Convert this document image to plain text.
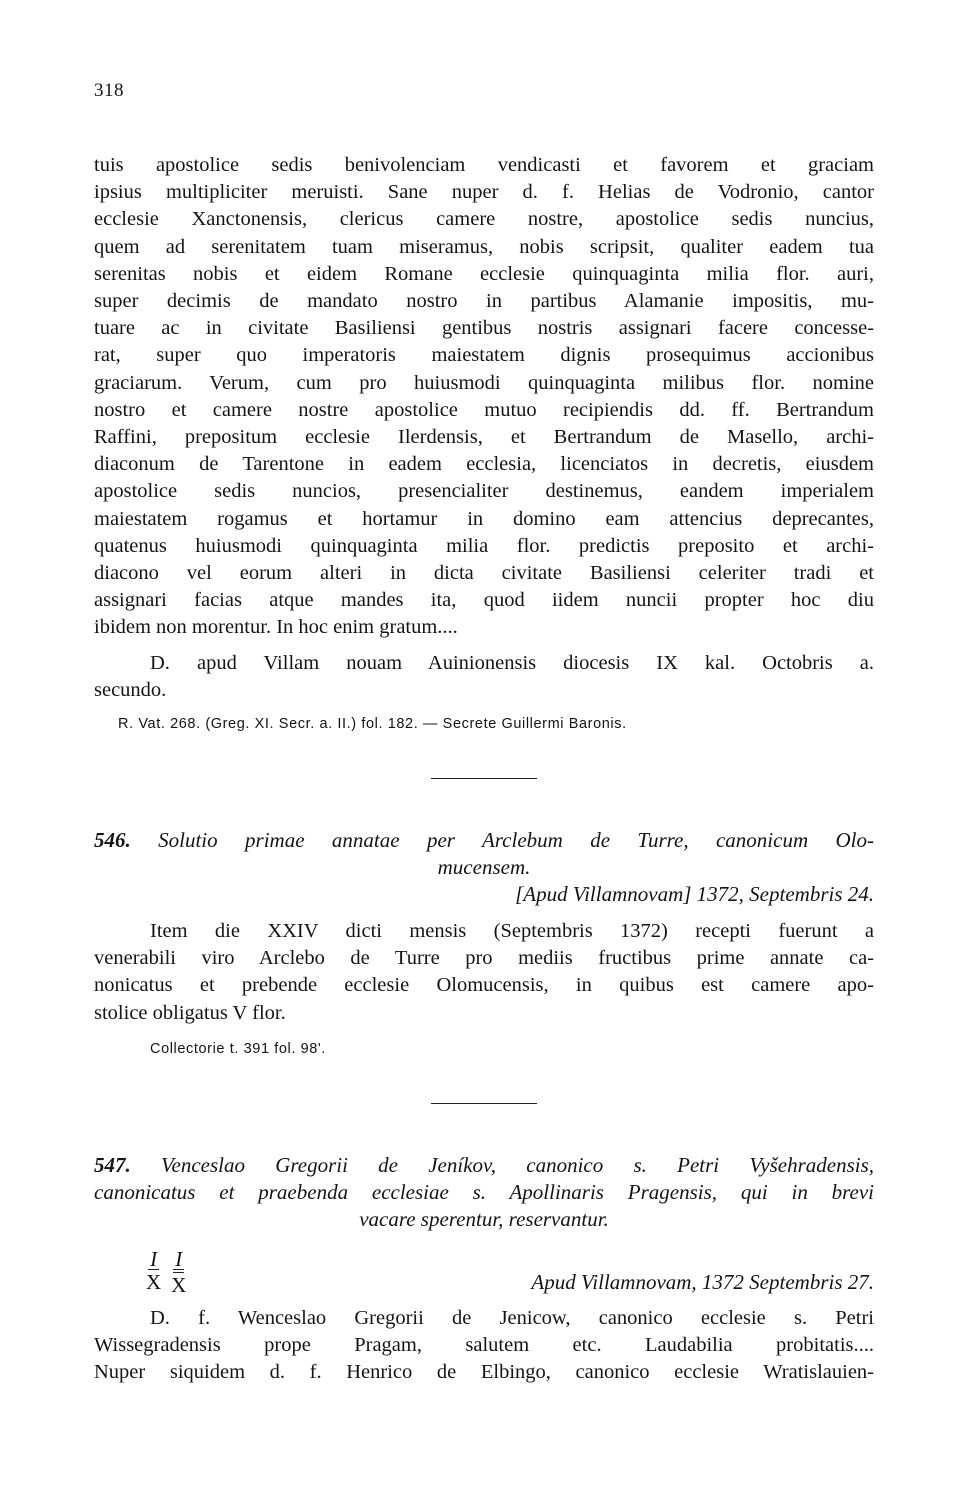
318
tuis apostolice sedis benivolenciam vendicasti et favorem et graciam
ipsius multipliciter meruisti. Sane nuper d. f. Helias de Vodronio, cantor
ecclesie Xanctonensis, clericus camere nostre, apostolice sedis nuncius,
quem ad serenitatem tuam miseramus, nobis scripsit, qualiter eadem tua
serenitas nobis et eidem Romane ecclesie quinquaginta milia flor. auri,
super decimis de mandato nostro in partibus Alamanie impositis, mu-
tuare ac in civitate Basiliensi gentibus nostris assignari facere concesse-
rat, super quo imperatoris maiestatem dignis prosequimus accionibus
graciarum. Verum, cum pro huiusmodi quinquaginta milibus flor. nomine
nostro et camere nostre apostolice mutuo recipiendis dd. ff. Bertrandum
Raffini, prepositum ecclesie Ilerdensis, et Bertrandum de Masello, archi-
diaconum de Tarentone in eadem ecclesia, licenciatos in decretis, eiusdem
apostolice sedis nuncios, presencialiter destinemus, eandem imperialem
maiestatem rogamus et hortamur in domino eam attencius deprecantes,
quatenus huiusmodi quinquaginta milia flor. predictis preposito et archi-
diacono vel eorum alteri in dicta civitate Basiliensi celeriter tradi et
assignari facias atque mandes ita, quod iidem nuncii propter hoc diu
ibidem non morentur. In hoc enim gratum....
D. apud Villam nouam Auinionensis diocesis IX kal. Octobris a.
secundo.
R. Vat. 268. (Greg. XI. Secr. a. II.) fol. 182. — Secrete Guillermi Baronis.
546. Solutio primae annatae per Arclebum de Turre, canonicum Olo-
mucensem.
[Apud Villamnovam] 1372, Septembris 24.
Item die XXIV dicti mensis (Septembris 1372) recepti fuerunt a
venerabili viro Arclebo de Turre pro mediis fructibus prime annate ca-
nonicatus et prebende ecclesie Olomucensis, in quibus est camere apo-
stolice obligatus V flor.
Collectorie t. 391 fol. 98'.
547. Venceslao Gregorii de Jeníkov, canonico s. Petri Vyšehradensis,
canonicatus et praebenda ecclesiae s. Apollinaris Pragensis, qui in brevi
vacare sperentur, reservantur.
$\frac{I}{X} \frac{I}{X}$	Apud Villamnovam, 1372 Septembris 27.
D. f. Wenceslao Gregorii de Jenicow, canonico ecclesie s. Petri
Wissegradensis prope Pragam, salutem etc. Laudabilia probitatis....
Nuper siquidem d. f. Henrico de Elbingo, canonico ecclesie Wratislauien-
